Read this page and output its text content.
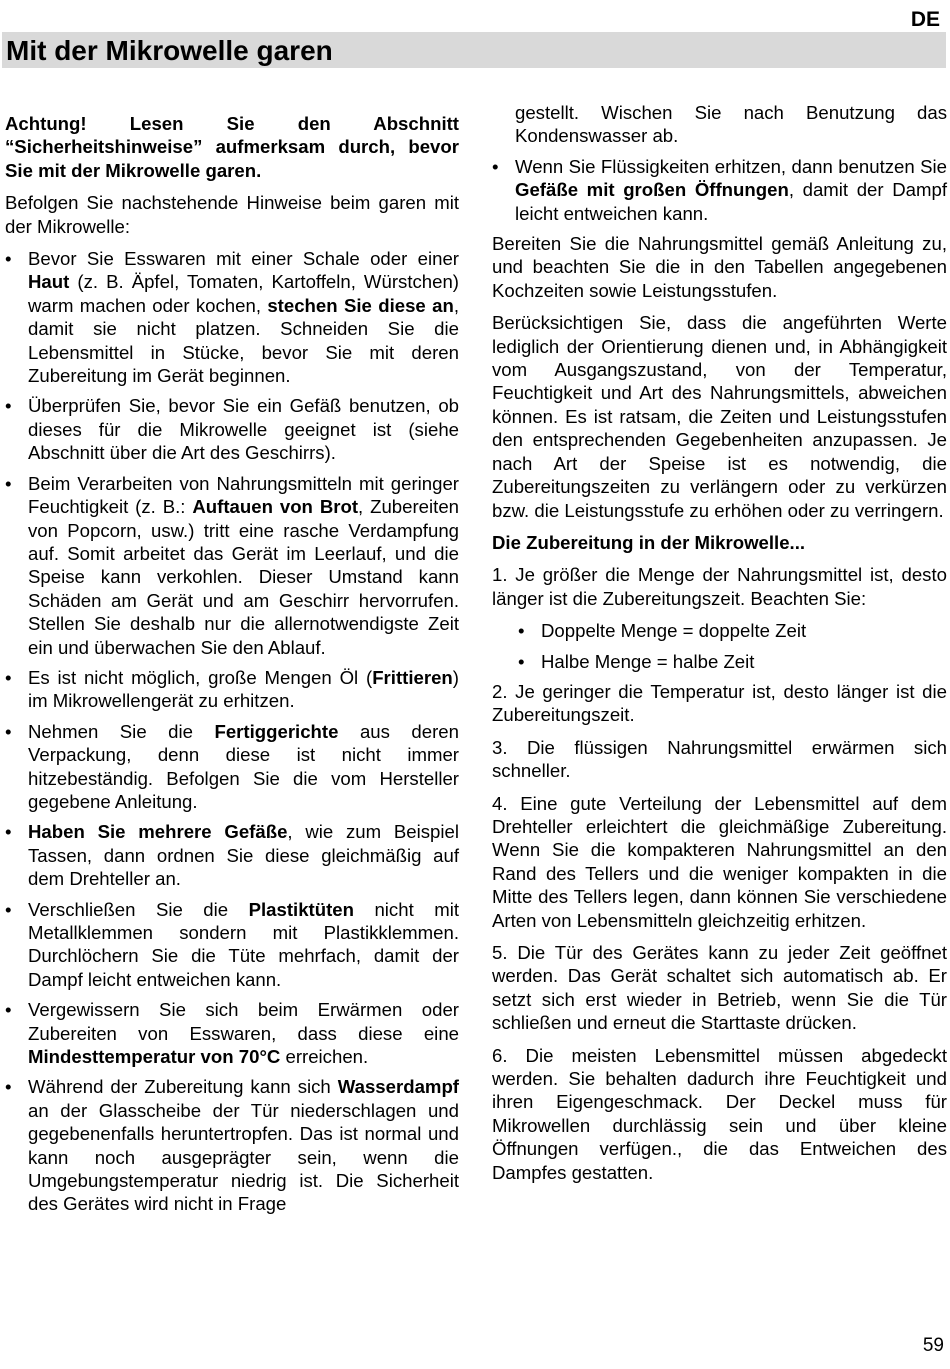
DE
Mit der Mikrowelle garen

Achtung! Lesen Sie den Abschnitt “Sicherheitshinweise” aufmerksam durch, bevor Sie mit der Mikrowelle garen.

Befolgen Sie nachstehende Hinweise beim garen mit der Mikrowelle:

• Bevor Sie Esswaren mit einer Schale oder einer Haut (z. B. Äpfel, Tomaten, Kartoffeln, Würstchen) warm machen oder kochen, stechen Sie diese an, damit sie nicht platzen. Schneiden Sie die Lebensmittel in Stücke, bevor Sie mit deren Zubereitung im Gerät beginnen.
• Überprüfen Sie, bevor Sie ein Gefäß benutzen, ob dieses für die Mikrowelle geeignet ist (siehe Abschnitt über die Art des Geschirrs).
• Beim Verarbeiten von Nahrungsmitteln mit geringer Feuchtigkeit (z. B.: Auftauen von Brot, Zubereiten von Popcorn, usw.) tritt eine rasche Verdampfung auf. Somit arbeitet das Gerät im Leerlauf, und die Speise kann verkohlen. Dieser Umstand kann Schäden am Gerät und am Geschirr hervorrufen. Stellen Sie deshalb nur die allernotwendigste Zeit ein und überwachen Sie den Ablauf.
• Es ist nicht möglich, große Mengen Öl (Frittieren) im Mikrowellengerät zu erhitzen.
• Nehmen Sie die Fertiggerichte aus deren Verpackung, denn diese ist nicht immer hitzebeständig. Befolgen Sie die vom Hersteller gegebene Anleitung.
• Haben Sie mehrere Gefäße, wie zum Beispiel Tassen, dann ordnen Sie diese gleichmäßig auf dem Drehteller an.
• Verschließen Sie die Plastiktüten nicht mit Metallklemmen sondern mit Plastikklemmen. Durchlöchern Sie die Tüte mehrfach, damit der Dampf leicht entweichen kann.
• Vergewissern Sie sich beim Erwärmen oder Zubereiten von Esswaren, dass diese eine Mindesttemperatur von 70°C erreichen.
• Während der Zubereitung kann sich Wasserdampf an der Glasscheibe der Tür niederschlagen und gegebenenfalls heruntertropfen. Das ist normal und kann noch ausgeprägter sein, wenn die Umgebungstemperatur niedrig ist. Die Sicherheit des Gerätes wird nicht in Frage
gestellt. Wischen Sie nach Benutzung das Kondenswasser ab.
• Wenn Sie Flüssigkeiten erhitzen, dann benutzen Sie Gefäße mit großen Öffnungen, damit der Dampf leicht entweichen kann.

Bereiten Sie die Nahrungsmittel gemäß Anleitung zu, und beachten Sie die in den Tabellen angegebenen Kochzeiten sowie Leistungsstufen.

Berücksichtigen Sie, dass die angeführten Werte lediglich der Orientierung dienen und, in Abhängigkeit vom Ausgangszustand, von der Temperatur, Feuchtigkeit und Art des Nahrungsmittels, abweichen können. Es ist ratsam, die Zeiten und Leistungsstufen den entsprechenden Gegebenheiten anzupassen. Je nach Art der Speise ist es notwendig, die Zubereitungszeiten zu verlängern oder zu verkürzen bzw. die Leistungsstufe zu erhöhen oder zu verringern.

Die Zubereitung in der Mikrowelle...

1. Je größer die Menge der Nahrungsmittel ist, desto länger ist die Zubereitungszeit. Beachten Sie:

• Doppelte Menge = doppelte Zeit
• Halbe Menge = halbe Zeit

2. Je geringer die Temperatur ist, desto länger ist die Zubereitungszeit.

3. Die flüssigen Nahrungsmittel erwärmen sich schneller.

4. Eine gute Verteilung der Lebensmittel auf dem Drehteller erleichtert die gleichmäßige Zubereitung. Wenn Sie die kompakteren Nahrungsmittel an den Rand des Tellers und die weniger kompakten in die Mitte des Tellers legen, dann können Sie verschiedene Arten von Lebensmitteln gleichzeitig erhitzen.

5. Die Tür des Gerätes kann zu jeder Zeit geöffnet werden. Das Gerät schaltet sich automatisch ab. Er setzt sich erst wieder in Betrieb, wenn Sie die Tür schließen und erneut die Starttaste drücken.

6. Die meisten Lebensmittel müssen abgedeckt werden. Sie behalten dadurch ihre Feuchtigkeit und ihren Eigengeschmack. Der Deckel muss für Mikrowellen durchlässig sein und über kleine Öffnungen verfügen., die das Entweichen des Dampfes gestatten.

59
